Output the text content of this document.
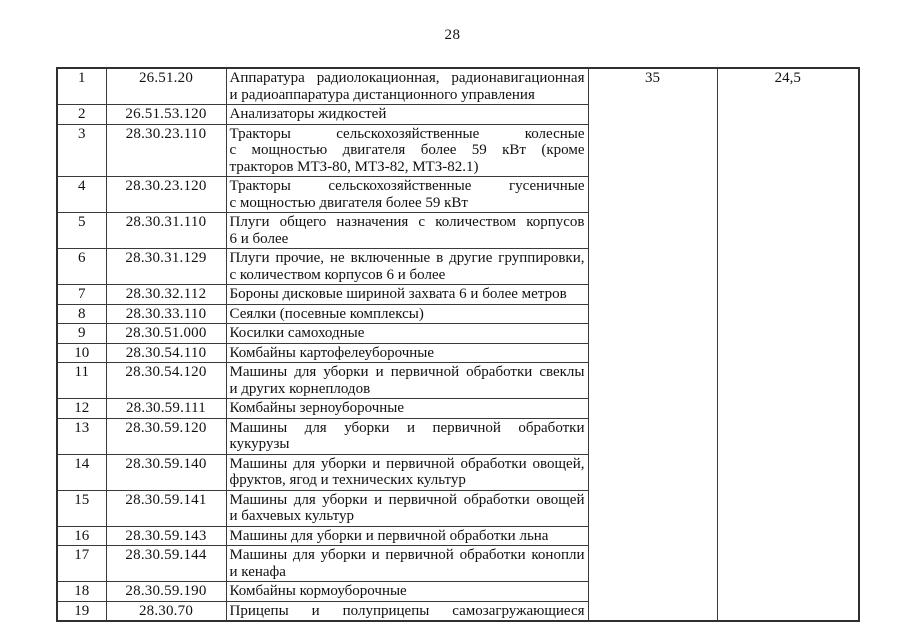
28
1	26.51.20	Аппаратура радиолокационная, радионавигационная
и радиоаппаратура дистанционного управления	35	24,5
2	26.51.53.120	Анализаторы жидкостей		

3	28.30.23.110	Тракторы сельскохозяйственные колесные
с мощностью двигателя более 59 кВт (кроме
тракторов МТЗ-80, МТЗ-82, МТЗ-82.1)		

4	28.30.23.120	Тракторы сельскохозяйственные гусеничные
с мощностью двигателя более 59 кВт		

5	28.30.31.110	Плуги общего назначения с количеством корпусов
6 и более		

6	28.30.31.129	Плуги прочие, не включенные в другие группировки,
с количеством корпусов 6 и более		

7	28.30.32.112	Бороны дисковые шириной захвата 6 и более метров		

8	28.30.33.110	Сеялки (посевные комплексы)		

9	28.30.51.000	Косилки самоходные		

10	28.30.54.110	Комбайны картофелеуборочные		

11	28.30.54.120	Машины для уборки и первичной обработки свеклы
и других корнеплодов		

12	28.30.59.111	Комбайны зерноуборочные		

13	28.30.59.120	Машины для уборки и первичной обработки
кукурузы		

14	28.30.59.140	Машины для уборки и первичной обработки овощей,
фруктов, ягод и технических культур		

15	28.30.59.141	Машины для уборки и первичной обработки овощей
и бахчевых культур		

16	28.30.59.143	Машины для уборки и первичной обработки льна		

17	28.30.59.144	Машины для уборки и первичной обработки конопли
и кенафа		

18	28.30.59.190	Комбайны кормоуборочные		

19	28.30.70	Прицепы и полуприцепы самозагружающиеся		
